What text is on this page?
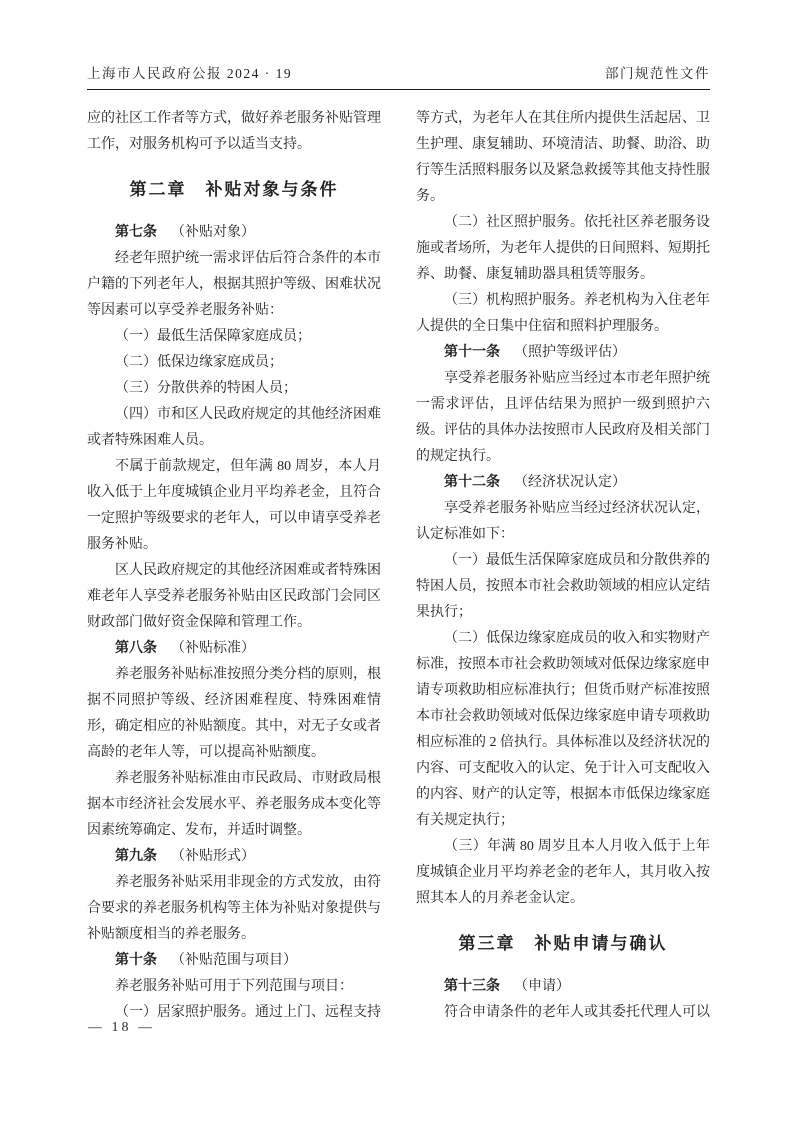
上海市人民政府公报 2024 · 19	部门规范性文件

应的社区工作者等方式，做好养老服务补贴管理工作，对服务机构可予以适当支持。

第二章　补贴对象与条件

第七条 （补贴对象）

经老年照护统一需求评估后符合条件的本市户籍的下列老年人，根据其照护等级、困难状况等因素可以享受养老服务补贴：

（一）最低生活保障家庭成员；

（二）低保边缘家庭成员；

（三）分散供养的特困人员；

（四）市和区人民政府规定的其他经济困难或者特殊困难人员。

不属于前款规定，但年满 80 周岁，本人月收入低于上年度城镇企业月平均养老金，且符合一定照护等级要求的老年人，可以申请享受养老服务补贴。

区人民政府规定的其他经济困难或者特殊困难老年人享受养老服务补贴由区民政部门会同区财政部门做好资金保障和管理工作。

第八条 （补贴标准）

养老服务补贴标准按照分类分档的原则，根据不同照护等级、经济困难程度、特殊困难情形，确定相应的补贴额度。其中，对无子女或者高龄的老年人等，可以提高补贴额度。

养老服务补贴标准由市民政局、市财政局根据本市经济社会发展水平、养老服务成本变化等因素统筹确定、发布，并适时调整。

第九条 （补贴形式）

养老服务补贴采用非现金的方式发放，由符合要求的养老服务机构等主体为补贴对象提供与补贴额度相当的养老服务。

第十条 （补贴范围与项目）

养老服务补贴可用于下列范围与项目：

（一）居家照护服务。通过上门、远程支持

等方式，为老年人在其住所内提供生活起居、卫生护理、康复辅助、环境清洁、助餐、助浴、助行等生活照料服务以及紧急救援等其他支持性服务。

（二）社区照护服务。依托社区养老服务设施或者场所，为老年人提供的日间照料、短期托养、助餐、康复辅助器具租赁等服务。

（三）机构照护服务。养老机构为入住老年人提供的全日集中住宿和照料护理服务。

第十一条 （照护等级评估）

享受养老服务补贴应当经过本市老年照护统一需求评估，且评估结果为照护一级到照护六级。评估的具体办法按照市人民政府及相关部门的规定执行。

第十二条 （经济状况认定）

享受养老服务补贴应当经过经济状况认定，认定标准如下：

（一）最低生活保障家庭成员和分散供养的特困人员，按照本市社会救助领域的相应认定结果执行；

（二）低保边缘家庭成员的收入和实物财产标准，按照本市社会救助领域对低保边缘家庭申请专项救助相应标准执行；但货币财产标准按照本市社会救助领域对低保边缘家庭申请专项救助相应标准的 2 倍执行。具体标准以及经济状况的内容、可支配收入的认定、免于计入可支配收入的内容、财产的认定等，根据本市低保边缘家庭有关规定执行；

（三）年满 80 周岁且本人月收入低于上年度城镇企业月平均养老金的老年人，其月收入按照其本人的月养老金认定。

第三章　补贴申请与确认

第十三条 （申请）

符合申请条件的老年人或其委托代理人可以

— 18 —
